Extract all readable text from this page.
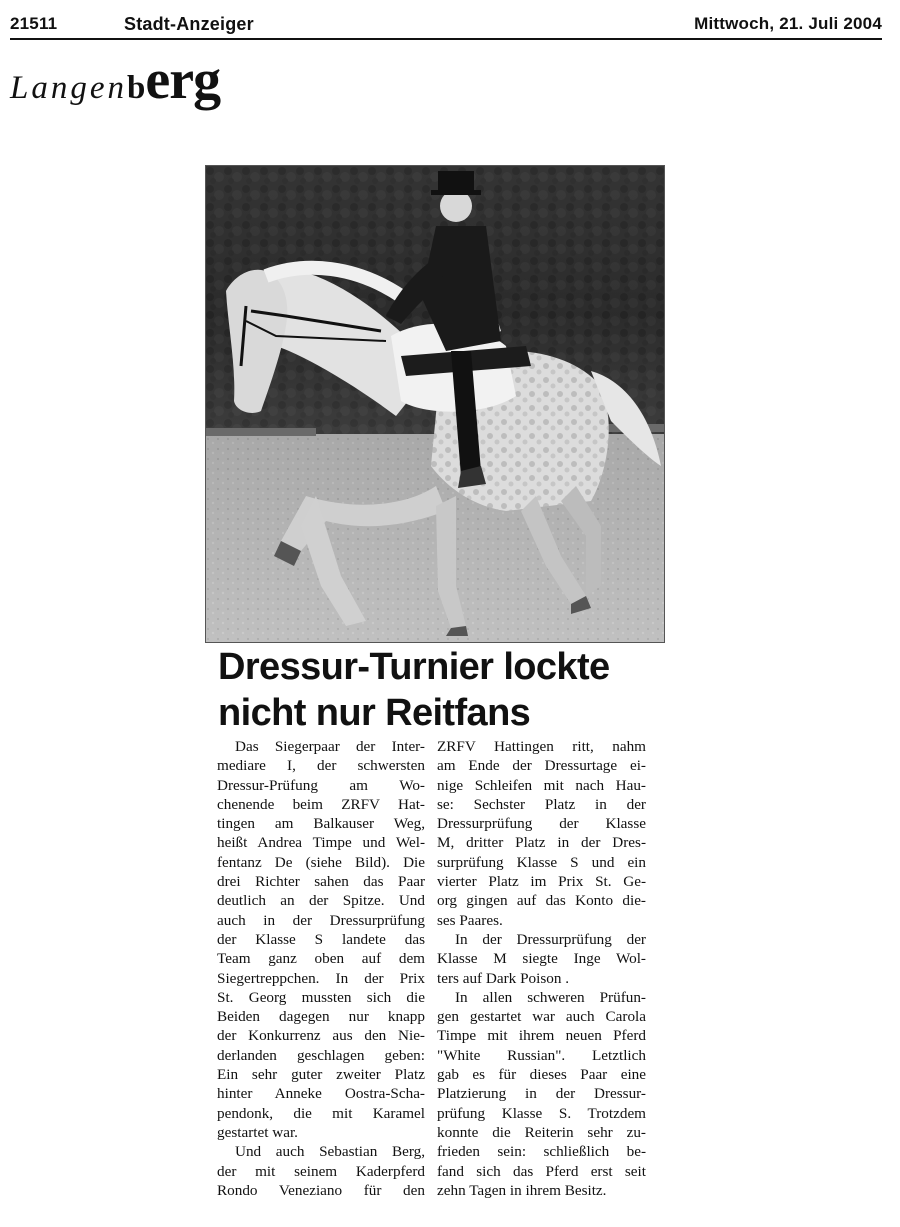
21511	Stadt-Anzeiger	Mittwoch, 21. Juli 2004
Langenberg
Dressur-Turnier lockte
nicht nur Reitfans
Das Siegerpaar der Inter-
mediare I, der schwersten
Dressur-Prüfung am Wo-
chenende beim ZRFV Hat-
tingen am Balkauser Weg,
heißt Andrea Timpe und Wel-
fentanz De (siehe Bild). Die
drei Richter sahen das Paar
deutlich an der Spitze. Und
auch in der Dressurprüfung
der Klasse S landete das
Team ganz oben auf dem
Siegertreppchen. In der Prix
St. Georg mussten sich die
Beiden dagegen nur knapp
der Konkurrenz aus den Nie-
derlanden geschlagen geben:
Ein sehr guter zweiter Platz
hinter Anneke Oostra-Scha-
pendonk, die mit Karamel
gestartet war.
Und auch Sebastian Berg,
der mit seinem Kaderpferd
Rondo Veneziano für den
ZRFV Hattingen ritt, nahm
am Ende der Dressurtage ei-
nige Schleifen mit nach Hau-
se: Sechster Platz in der
Dressurprüfung der Klasse
M, dritter Platz in der Dres-
surprüfung Klasse S und ein
vierter Platz im Prix St. Ge-
org gingen auf das Konto die-
ses Paares.
In der Dressurprüfung der
Klasse M siegte Inge Wol-
ters auf Dark Poison .
In allen schweren Prüfun-
gen gestartet war auch Carola
Timpe mit ihrem neuen Pferd
"White Russian". Letztlich
gab es für dieses Paar eine
Platzierung in der Dressur-
prüfung Klasse S. Trotzdem
konnte die Reiterin sehr zu-
frieden sein: schließlich be-
fand sich das Pferd erst seit
zehn Tagen in ihrem Besitz.
